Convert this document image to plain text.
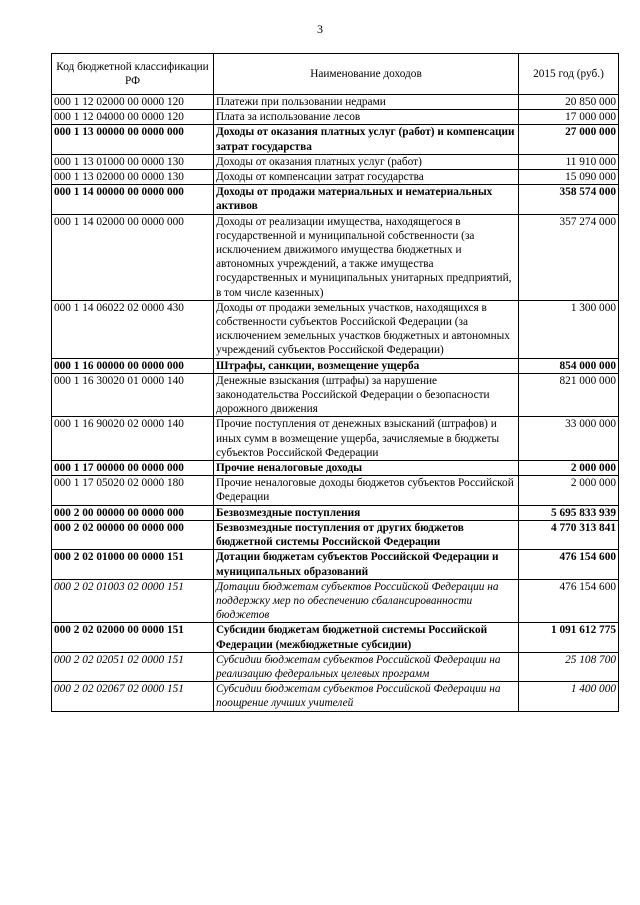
3
Код бюджетной классификации РФ	Наименование доходов	2015 год (руб.)
000 1 12 02000 00 0000 120	Платежи при пользовании недрами	20 850 000
000 1 12 04000 00 0000 120	Плата за использование лесов	17 000 000
000 1 13 00000 00 0000 000	Доходы от оказания платных услуг (работ) и компенсации затрат государства	27 000 000
000 1 13 01000 00 0000 130	Доходы от оказания платных услуг (работ)	11 910 000
000 1 13 02000 00 0000 130	Доходы от компенсации затрат государства	15 090 000
000 1 14 00000 00 0000 000	Доходы от продажи материальных и нематериальных активов	358 574 000
000 1 14 02000 00 0000 000	Доходы от реализации имущества, находящегося в государственной и муниципальной собственности (за исключением движимого имущества бюджетных и автономных учреждений, а также имущества государственных и муниципальных унитарных предприятий, в том числе казенных)	357 274 000
000 1 14 06022 02 0000 430	Доходы от продажи земельных участков, находящихся в собственности субъектов Российской Федерации (за исключением земельных участков бюджетных и автономных учреждений субъектов Российской Федерации)	1 300 000
000 1 16 00000 00 0000 000	Штрафы, санкции, возмещение ущерба	854 000 000
000 1 16 30020 01 0000 140	Денежные взыскания (штрафы) за нарушение законодательства Российской Федерации о безопасности дорожного движения	821 000 000
000 1 16 90020 02 0000 140	Прочие поступления от денежных взысканий (штрафов) и иных сумм в возмещение ущерба, зачисляемые в бюджеты субъектов Российской Федерации	33 000 000
000 1 17 00000 00 0000 000	Прочие неналоговые доходы	2 000 000
000 1 17 05020 02 0000 180	Прочие неналоговые доходы бюджетов субъектов Российской Федерации	2 000 000
000 2 00 00000 00 0000 000	Безвозмездные поступления	5 695 833 939
000 2 02 00000 00 0000 000	Безвозмездные поступления от других бюджетов бюджетной системы Российской Федерации	4 770 313 841
000 2 02 01000 00 0000 151	Дотации бюджетам субъектов Российской Федерации и муниципальных образований	476 154 600
000 2 02 01003 02 0000 151	Дотации бюджетам субъектов Российской Федерации на поддержку мер по обеспечению сбалансированности бюджетов	476 154 600
000 2 02 02000 00 0000 151	Субсидии бюджетам бюджетной системы Российской Федерации (межбюджетные субсидии)	1 091 612 775
000 2 02 02051 02 0000 151	Субсидии бюджетам субъектов Российской Федерации на реализацию федеральных целевых программ	25 108 700
000 2 02 02067 02 0000 151	Субсидии бюджетам субъектов Российской Федерации на поощрение лучших учителей	1 400 000
